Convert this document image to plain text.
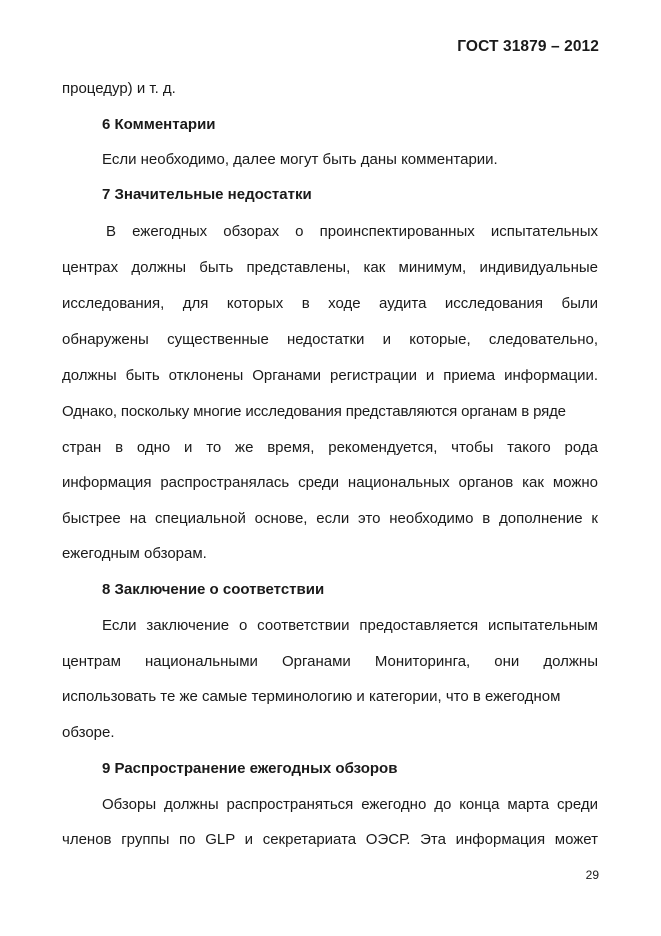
ГОСТ 31879 – 2012
процедур) и т. д.
6 Комментарии
Если необходимо, далее могут быть даны комментарии.
7 Значительные недостатки
В ежегодных обзорах о проинспектированных испытательных
центрах должны быть представлены, как минимум, индивидуальные
исследования, для которых в ходе аудита исследования были
обнаружены существенные недостатки и которые, следовательно,
должны быть отклонены Органами регистрации и приема информации.
Однако, поскольку многие исследования представляются органам в ряде
стран в одно и то же время, рекомендуется, чтобы такого рода
информация распространялась среди национальных органов как можно
быстрее на специальной основе, если это необходимо в дополнение к
ежегодным обзорам.
8 Заключение о соответствии
Если заключение о соответствии предоставляется испытательным
центрам национальными Органами Мониторинга, они должны
использовать те же самые терминологию и категории, что в ежегодном
обзоре.
9 Распространение ежегодных обзоров
Обзоры должны распространяться ежегодно до конца марта среди
членов группы по GLP и секретариата ОЭСР. Эта информация может
29
